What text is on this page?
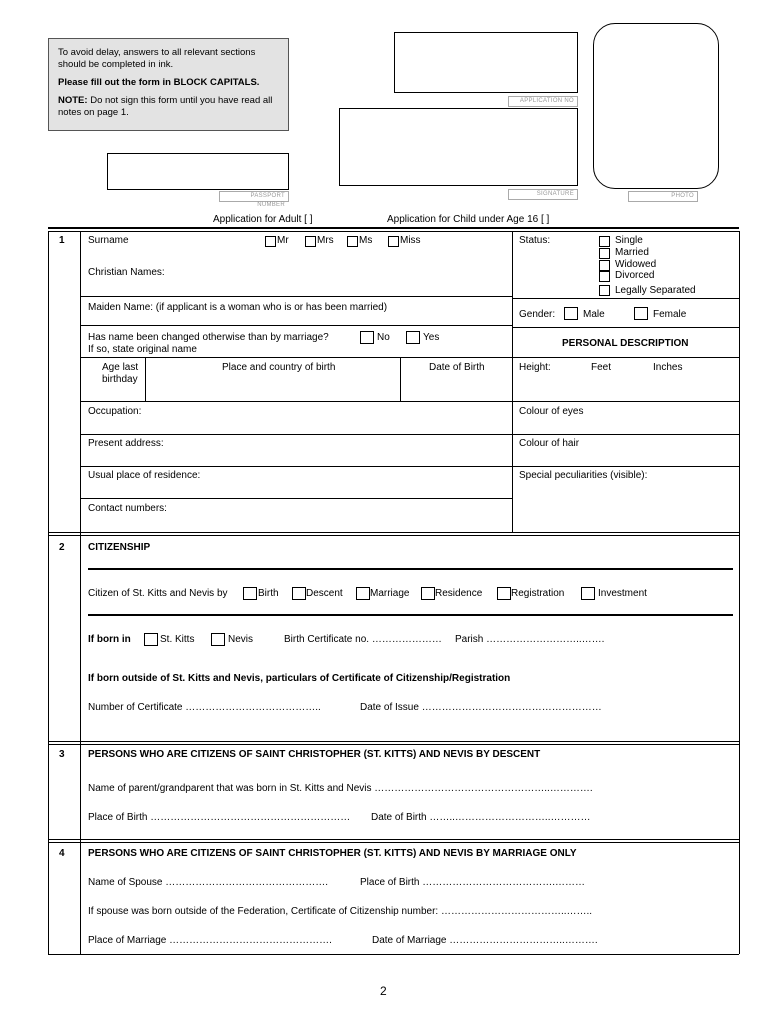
To avoid delay, answers to all relevant sections should be completed in ink.

Please fill out the form in BLOCK CAPITALS.

NOTE: Do not sign this form until you have read all notes on page 1.

APPLICATION NO
SIGNATURE	PHOTO
PASSPORT NUMBER
Application for Adult [ ]	Application for Child under Age 16 [ ]
1 Surname	Mr	Mrs	Ms	Miss
Christian Names:
Maiden Name: (if applicant is a woman who is or has been married)
Has name been changed otherwise than by marriage?
If so, state original name
No	Yes
Age last
birthday
Place and country of birth	Date of Birth
Occupation:
Present address:
Usual place of residence:
Contact numbers:
Status:	Single
Married
Widowed
Divorced
Legally Separated
Gender:	Male	Female
PERSONAL DESCRIPTION
Height:	Feet	Inches
Colour of eyes
Colour of hair
Special peculiarities (visible):
2 CITIZENSHIP
Citizen of St. Kitts and Nevis by	Birth	Descent	Marriage	Residence	Registration	Investment
If born in	St. Kitts	Nevis	Birth Certificate no. ………………… Parish ………………………..…….
If born outside of St. Kitts and Nevis, particulars of Certificate of Citizenship/Registration
Number of Certificate …………………………………..	Date of Issue ………………………………………………
3 PERSONS WHO ARE CITIZENS OF SAINT CHRISTOPHER (ST. KITTS) AND NEVIS BY DESCENT
Name of parent/grandparent that was born in St. Kitts and Nevis ……………………………………………..………….
Place of Birth …………………………………………………… Date of Birth ……..………………………..…………
4 PERSONS WHO ARE CITIZENS OF SAINT CHRISTOPHER (ST. KITTS) AND NEVIS BY MARRIAGE ONLY
Name of Spouse ………………………………………….	Place of Birth ………………………………….………
If spouse was born outside of the Federation, Certificate of Citizenship number: ………………………………..……..
Place of Marriage ………………………………………….	Date of Marriage ……………………………..……….
2
